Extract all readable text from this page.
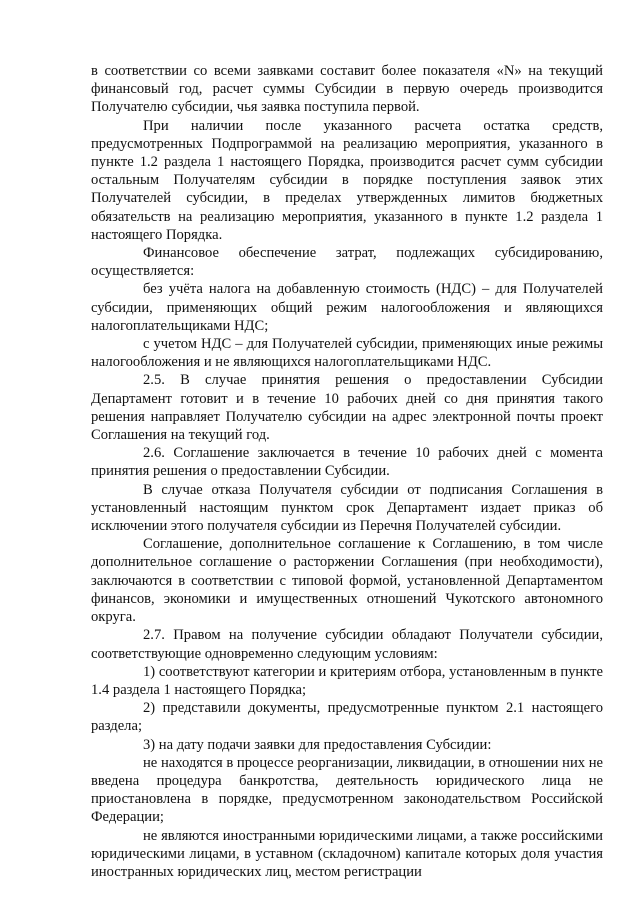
в соответствии со всеми заявками составит более показателя «N» на текущий финансовый год, расчет суммы Субсидии в первую очередь производится Получателю субсидии, чья заявка поступила первой.

При наличии после указанного расчета остатка средств, предусмотренных Подпрограммой на реализацию мероприятия, указанного в пункте 1.2 раздела 1 настоящего Порядка, производится расчет сумм субсидии остальным Получателям субсидии в порядке поступления заявок этих Получателей субсидии, в пределах утвержденных лимитов бюджетных обязательств на реализацию мероприятия, указанного в пункте 1.2 раздела 1 настоящего Порядка.

Финансовое обеспечение затрат, подлежащих субсидированию, осуществляется:

без учёта налога на добавленную стоимость (НДС) – для Получателей субсидии, применяющих общий режим налогообложения и являющихся налогоплательщиками НДС;

с учетом НДС – для Получателей субсидии, применяющих иные режимы налогообложения и не являющихся налогоплательщиками НДС.

2.5. В случае принятия решения о предоставлении Субсидии Департамент готовит и в течение 10 рабочих дней со дня принятия такого решения направляет Получателю субсидии на адрес электронной почты проект Соглашения на текущий год.

2.6. Соглашение заключается в течение 10 рабочих дней с момента принятия решения о предоставлении Субсидии.

В случае отказа Получателя субсидии от подписания Соглашения в установленный настоящим пунктом срок Департамент издает приказ об исключении этого получателя субсидии из Перечня Получателей субсидии.

Соглашение, дополнительное соглашение к Соглашению, в том числе дополнительное соглашение о расторжении Соглашения (при необходимости), заключаются в соответствии с типовой формой, установленной Департаментом финансов, экономики и имущественных отношений Чукотского автономного округа.

2.7. Правом на получение субсидии обладают Получатели субсидии, соответствующие одновременно следующим условиям:

1) соответствуют категории и критериям отбора, установленным в пункте 1.4 раздела 1 настоящего Порядка;

2) представили документы, предусмотренные пунктом 2.1 настоящего раздела;

3) на дату подачи заявки для предоставления Субсидии:

не находятся в процессе реорганизации, ликвидации, в отношении них не введена процедура банкротства, деятельность юридического лица не приостановлена в порядке, предусмотренном законодательством Российской Федерации;

не являются иностранными юридическими лицами, а также российскими юридическими лицами, в уставном (складочном) капитале которых доля участия иностранных юридических лиц, местом регистрации
